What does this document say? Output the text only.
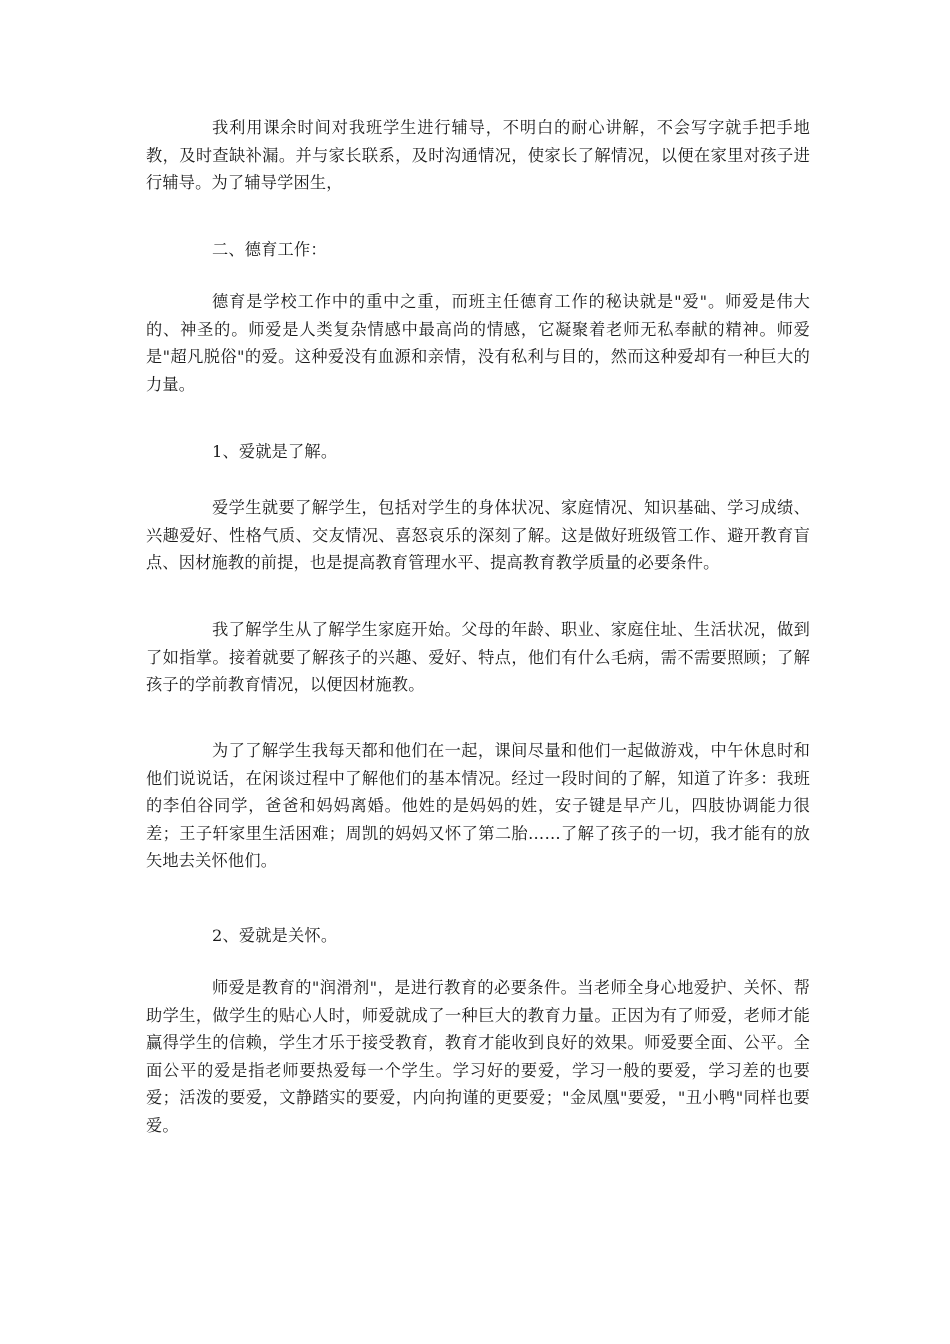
我利用课余时间对我班学生进行辅导，不明白的耐心讲解，不会写字就手把手地教，及时查缺补漏。并与家长联系，及时沟通情况，使家长了解情况，以便在家里对孩子进行辅导。为了辅导学困生，

二、德育工作：

德育是学校工作中的重中之重，而班主任德育工作的秘诀就是"爱"。师爱是伟大的、神圣的。师爱是人类复杂情感中最高尚的情感，它凝聚着老师无私奉献的精神。师爱是"超凡脱俗"的爱。这种爱没有血源和亲情，没有私利与目的，然而这种爱却有一种巨大的力量。

1、爱就是了解。

爱学生就要了解学生，包括对学生的身体状况、家庭情况、知识基础、学习成绩、兴趣爱好、性格气质、交友情况、喜怒哀乐的深刻了解。这是做好班级管工作、避开教育盲点、因材施教的前提，也是提高教育管理水平、提高教育教学质量的必要条件。

我了解学生从了解学生家庭开始。父母的年龄、职业、家庭住址、生活状况，做到了如指掌。接着就要了解孩子的兴趣、爱好、特点，他们有什么毛病，需不需要照顾；了解孩子的学前教育情况，以便因材施教。

为了了解学生我每天都和他们在一起，课间尽量和他们一起做游戏，中午休息时和他们说说话，在闲谈过程中了解他们的基本情况。经过一段时间的了解，知道了许多：我班的李伯谷同学，爸爸和妈妈离婚。他姓的是妈妈的姓，安子键是早产儿，四肢协调能力很差；王子轩家里生活困难；周凯的妈妈又怀了第二胎……了解了孩子的一切，我才能有的放矢地去关怀他们。

2、爱就是关怀。

师爱是教育的"润滑剂"，是进行教育的必要条件。当老师全身心地爱护、关怀、帮助学生，做学生的贴心人时，师爱就成了一种巨大的教育力量。正因为有了师爱，老师才能赢得学生的信赖，学生才乐于接受教育，教育才能收到良好的效果。师爱要全面、公平。全面公平的爱是指老师要热爱每一个学生。学习好的要爱，学习一般的要爱，学习差的也要爱；活泼的要爱，文静踏实的要爱，内向拘谨的更要爱；"金凤凰"要爱，"丑小鸭"同样也要爱。
